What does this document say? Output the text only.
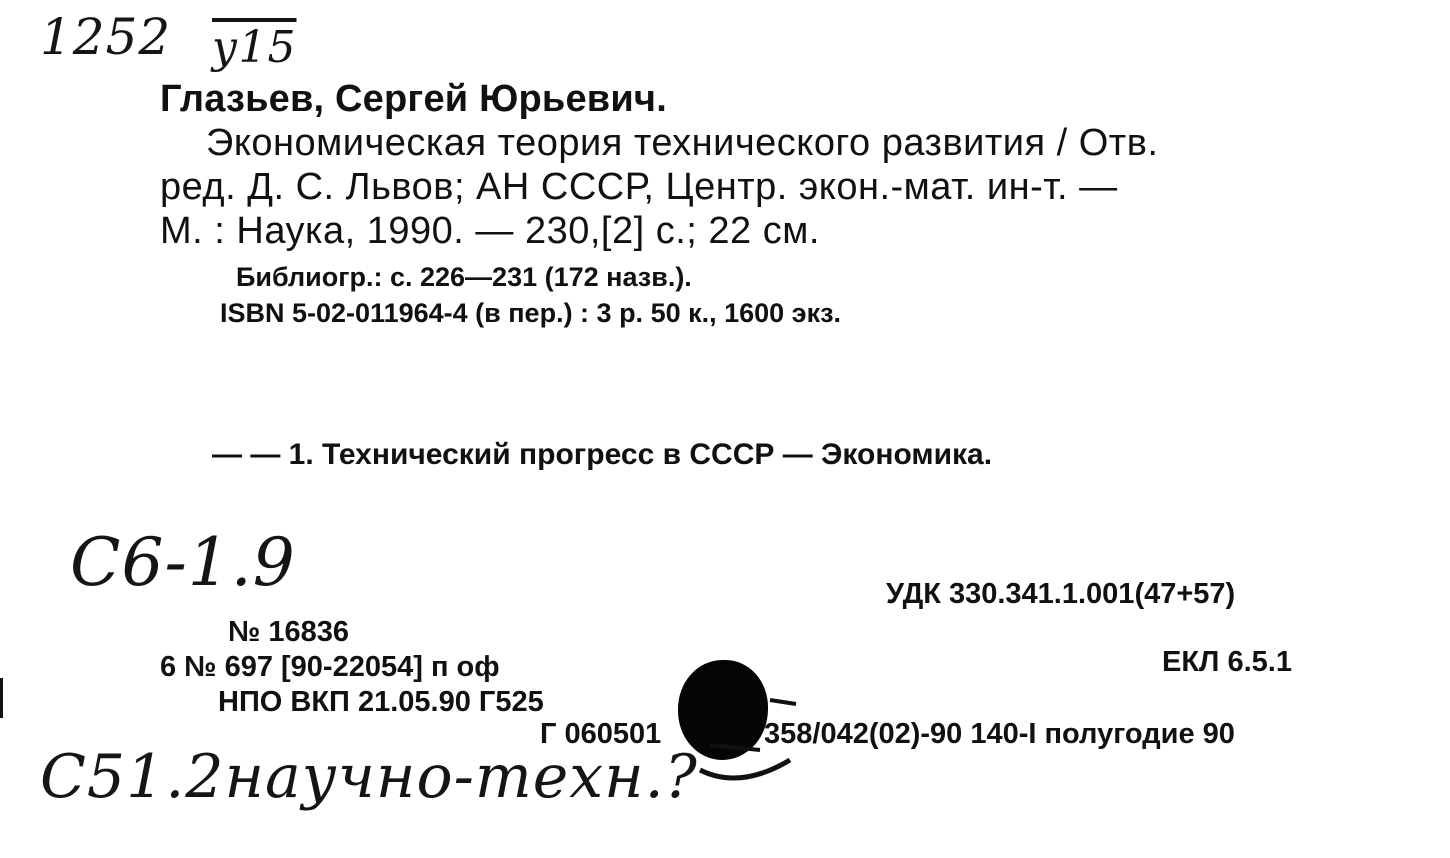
1252 у15
Глазьев, Сергей Юрьевич.
Экономическая теория технического развития / Отв.
ред. Д. С. Львов; АН СССР, Центр. экон.-мат. ин-т. —
М. : Наука, 1990. — 230,[2] с.; 22 см.
Библиогр.: с. 226—231 (172 назв.).
ISBN 5-02-011964-4 (в пер.) : 3 р. 50 к., 1600 экз.
— — 1. Технический прогресс в СССР — Экономика.
С6-1.9	УДК 330.341.1.001(47+57)
№ 16836
6 № 697 [90-22054] п оф	ЕКЛ 6.5.1
НПО ВКП 21.05.90 Г525
Г 060501	358/042(02)-90 140-I полугодие 90
С51.2научно-техн.?
